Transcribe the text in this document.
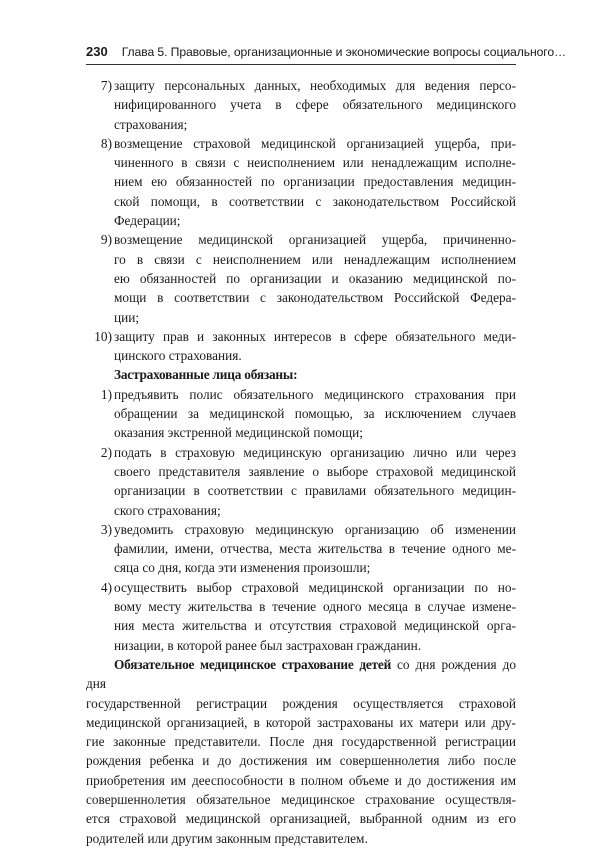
230 Глава 5. Правовые, организационные и экономические вопросы социального…
7) защиту персональных данных, необходимых для ведения персо-
нифицированного учета в сфере обязательного медицинского
страхования;
8) возмещение страховой медицинской организацией ущерба, при-
чиненного в связи с неисполнением или ненадлежащим исполне-
нием ею обязанностей по организации предоставления медицин-
ской помощи, в соответствии с законодательством Российской
Федерации;
9) возмещение медицинской организацией ущерба, причиненно-
го в связи с неисполнением или ненадлежащим исполнением
ею обязанностей по организации и оказанию медицинской по-
мощи в соответствии с законодательством Российской Федера-
ции;
10) защиту прав и законных интересов в сфере обязательного меди-
цинского страхования.
Застрахованные лица обязаны:
1) предъявить полис обязательного медицинского страхования при
обращении за медицинской помощью, за исключением случаев
оказания экстренной медицинской помощи;
2) подать в страховую медицинскую организацию лично или через
своего представителя заявление о выборе страховой медицинской
организации в соответствии с правилами обязательного медицин-
ского страхования;
3) уведомить страховую медицинскую организацию об изменении
фамилии, имени, отчества, места жительства в течение одного ме-
сяца со дня, когда эти изменения произошли;
4) осуществить выбор страховой медицинской организации по но-
вому месту жительства в течение одного месяца в случае измене-
ния места жительства и отсутствия страховой медицинской орга-
низации, в которой ранее был застрахован гражданин.
Обязательное медицинское страхование детей со дня рождения до дня
государственной регистрации рождения осуществляется страховой
медицинской организацией, в которой застрахованы их матери или дру-
гие законные представители. После дня государственной регистрации
рождения ребенка и до достижения им совершеннолетия либо после
приобретения им дееспособности в полном объеме и до достижения им
совершеннолетия обязательное медицинское страхование осуществля-
ется страховой медицинской организацией, выбранной одним из его
родителей или другим законным представителем.
